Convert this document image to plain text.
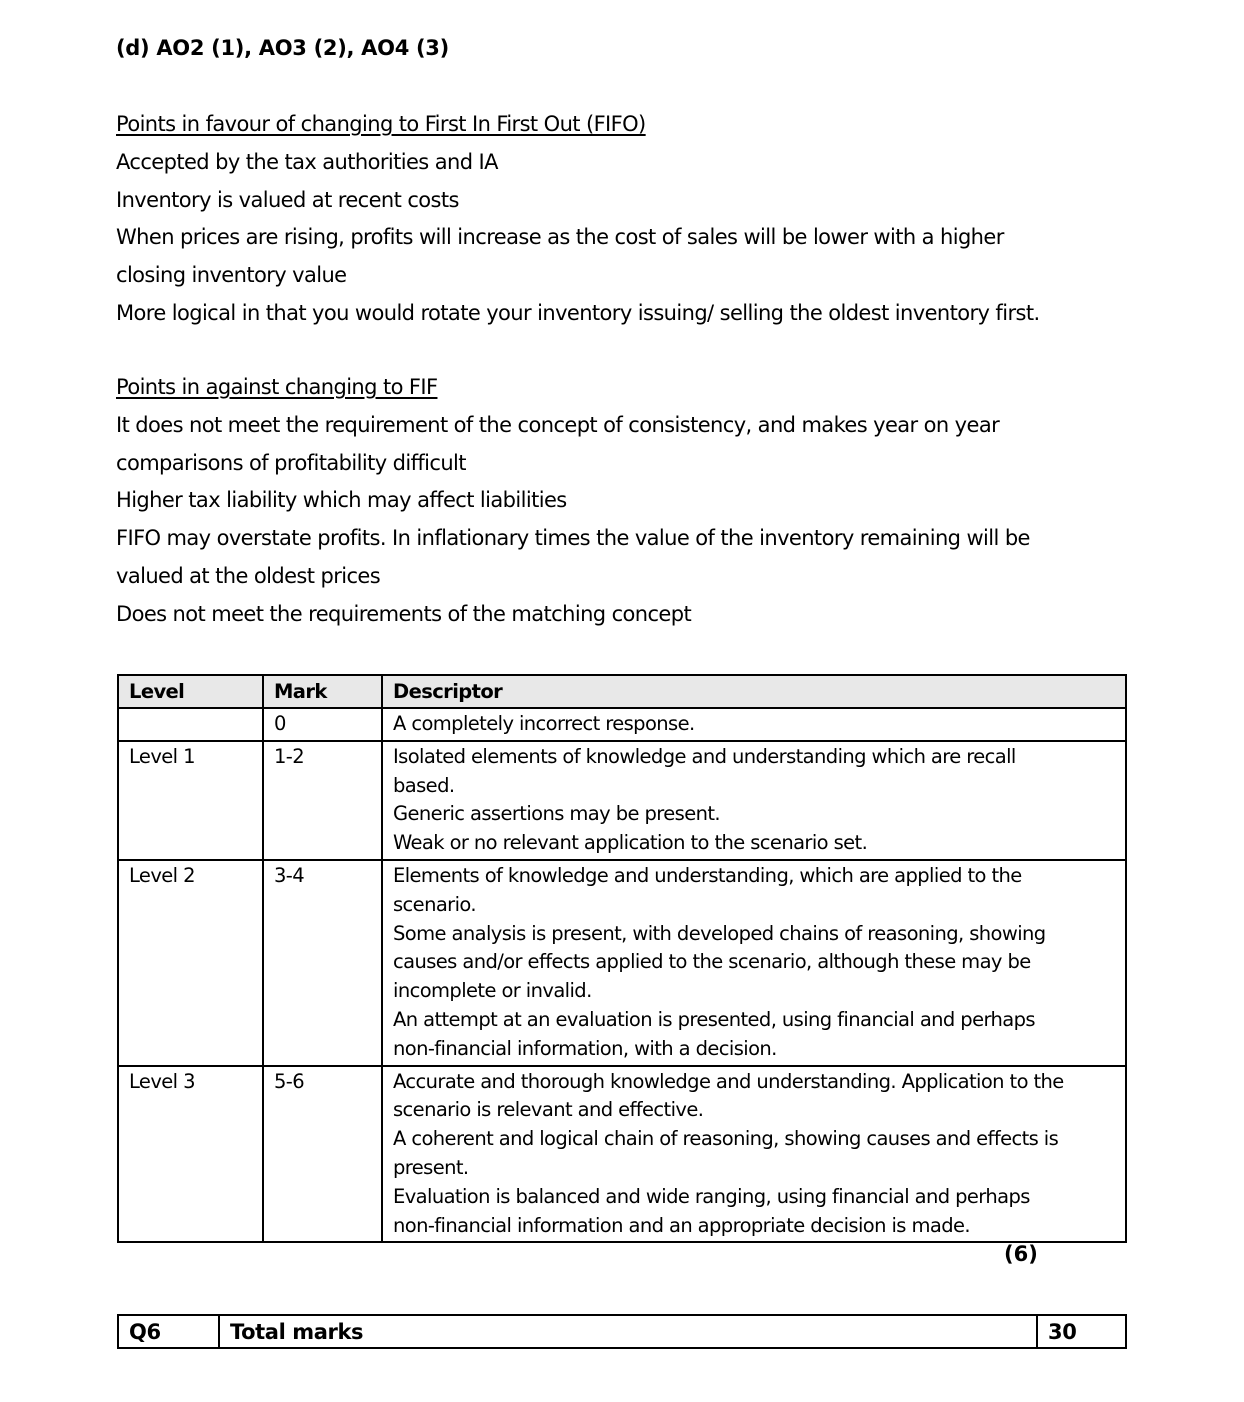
(d) AO2 (1), AO3 (2), AO4 (3)
Points in favour of changing to First In First Out (FIFO)
Accepted by the tax authorities and IA
Inventory is valued at recent costs
When prices are rising, profits will increase as the cost of sales will be lower with a higher
closing inventory value
More logical in that you would rotate your inventory issuing/ selling the oldest inventory first.
Points in against changing to FIF
It does not meet the requirement of the concept of consistency, and makes year on year
comparisons of profitability difficult
Higher tax liability which may affect liabilities
FIFO may overstate profits. In inflationary times the value of the inventory remaining will be
valued at the oldest prices
Does not meet the requirements of the matching concept
Level	Mark	Descriptor
	0	A completely incorrect response.

Level 1	1-2	Isolated elements of knowledge and understanding which are recall
based.
Generic assertions may be present.
Weak or no relevant application to the scenario set.

Level 2	3-4	Elements of knowledge and understanding, which are applied to the
scenario.
Some analysis is present, with developed chains of reasoning, showing
causes and/or effects applied to the scenario, although these may be
incomplete or invalid.
An attempt at an evaluation is presented, using financial and perhaps
non-financial information, with a decision.

Level 3	5-6	Accurate and thorough knowledge and understanding. Application to the
scenario is relevant and effective.
A coherent and logical chain of reasoning, showing causes and effects is
present.
Evaluation is balanced and wide ranging, using financial and perhaps
non-financial information and an appropriate decision is made.
(6)
Q6	Total marks	30
